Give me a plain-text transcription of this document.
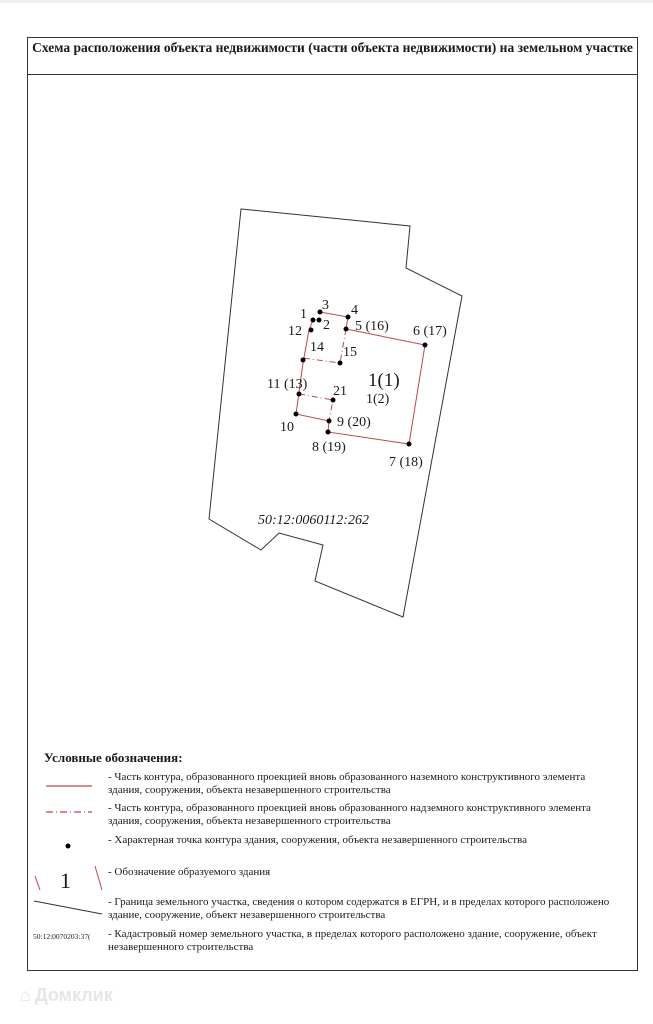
Схема расположения объекта недвижимости (части объекта недвижимости) на земельном участке
1
2
3 4
5 (16) 6 (17)
7 (18)
8 (19)
9 (20)
10
11 (13)
12
14 15
21
1(1)
1(2)
50:12:0060112:262
1
Условные обозначения:
- Часть контура, образованного проекцией вновь образованного наземного конструктивного элемента здания, сооружения, объекта незавершенного строительства
- Часть контура, образованного проекцией вновь образованного надземного конструктивного элемента здания, сооружения, объекта незавершенного строительства
- Характерная точка контура здания, сооружения, объекта незавершенного строительства
- Обозначение образуемого здания
- Граница земельного участка, сведения о котором содержатся в ЕГРН, и в пределах которого расположено здание, сооружение, объект незавершенного строительства
- Кадастровый номер земельного участка, в пределах которого расположено здание, сооружение, объект незавершенного строительства
50:12:0070203:37(
⌂ Домклик
